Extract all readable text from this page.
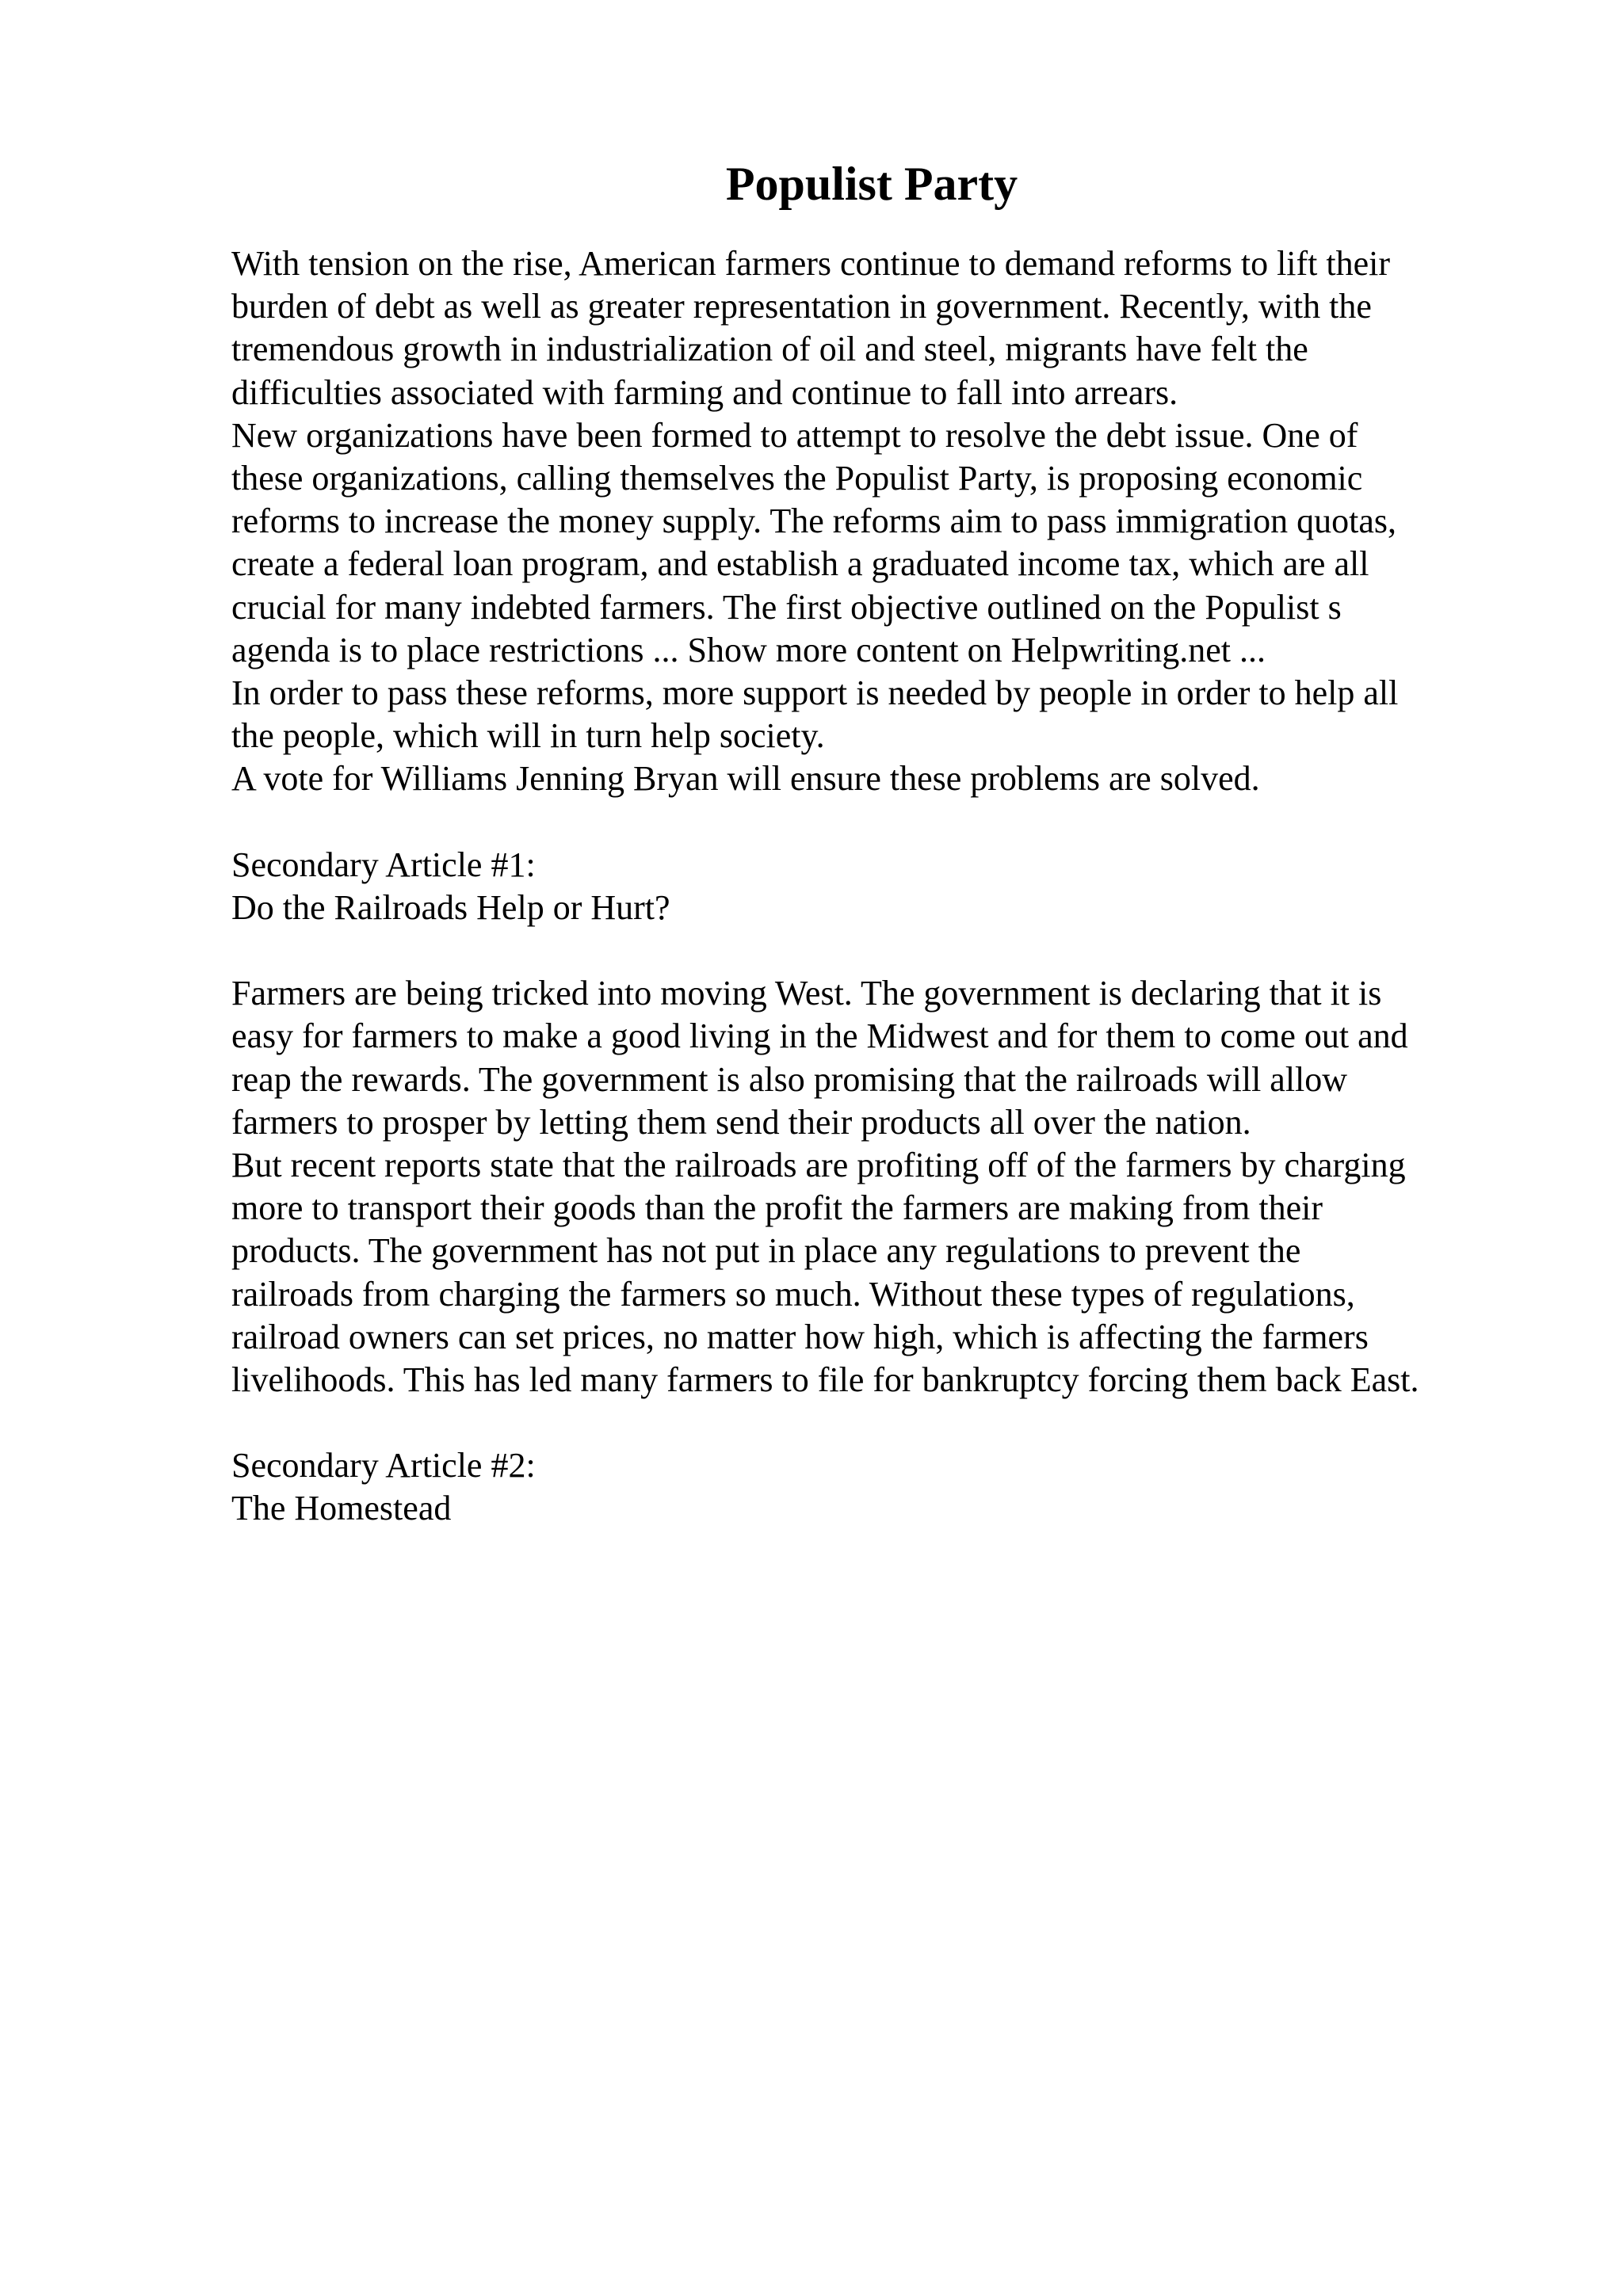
Populist Party
With tension on the rise, American farmers continue to demand reforms to lift their
burden of debt as well as greater representation in government. Recently, with the
tremendous growth in industrialization of oil and steel, migrants have felt the
difficulties associated with farming and continue to fall into arrears.
New organizations have been formed to attempt to resolve the debt issue. One of
these organizations, calling themselves the Populist Party, is proposing economic
reforms to increase the money supply. The reforms aim to pass immigration quotas,
create a federal loan program, and establish a graduated income tax, which are all
crucial for many indebted farmers. The first objective outlined on the Populist s
agenda is to place restrictions ... Show more content on Helpwriting.net ...
In order to pass these reforms, more support is needed by people in order to help all
the people, which will in turn help society.
A vote for Williams Jenning Bryan will ensure these problems are solved.
Secondary Article #1:
Do the Railroads Help or Hurt?
Farmers are being tricked into moving West. The government is declaring that it is
easy for farmers to make a good living in the Midwest and for them to come out and
reap the rewards. The government is also promising that the railroads will allow
farmers to prosper by letting them send their products all over the nation.
But recent reports state that the railroads are profiting off of the farmers by charging
more to transport their goods than the profit the farmers are making from their
products. The government has not put in place any regulations to prevent the
railroads from charging the farmers so much. Without these types of regulations,
railroad owners can set prices, no matter how high, which is affecting the farmers
livelihoods. This has led many farmers to file for bankruptcy forcing them back East.
Secondary Article #2:
The Homestead
